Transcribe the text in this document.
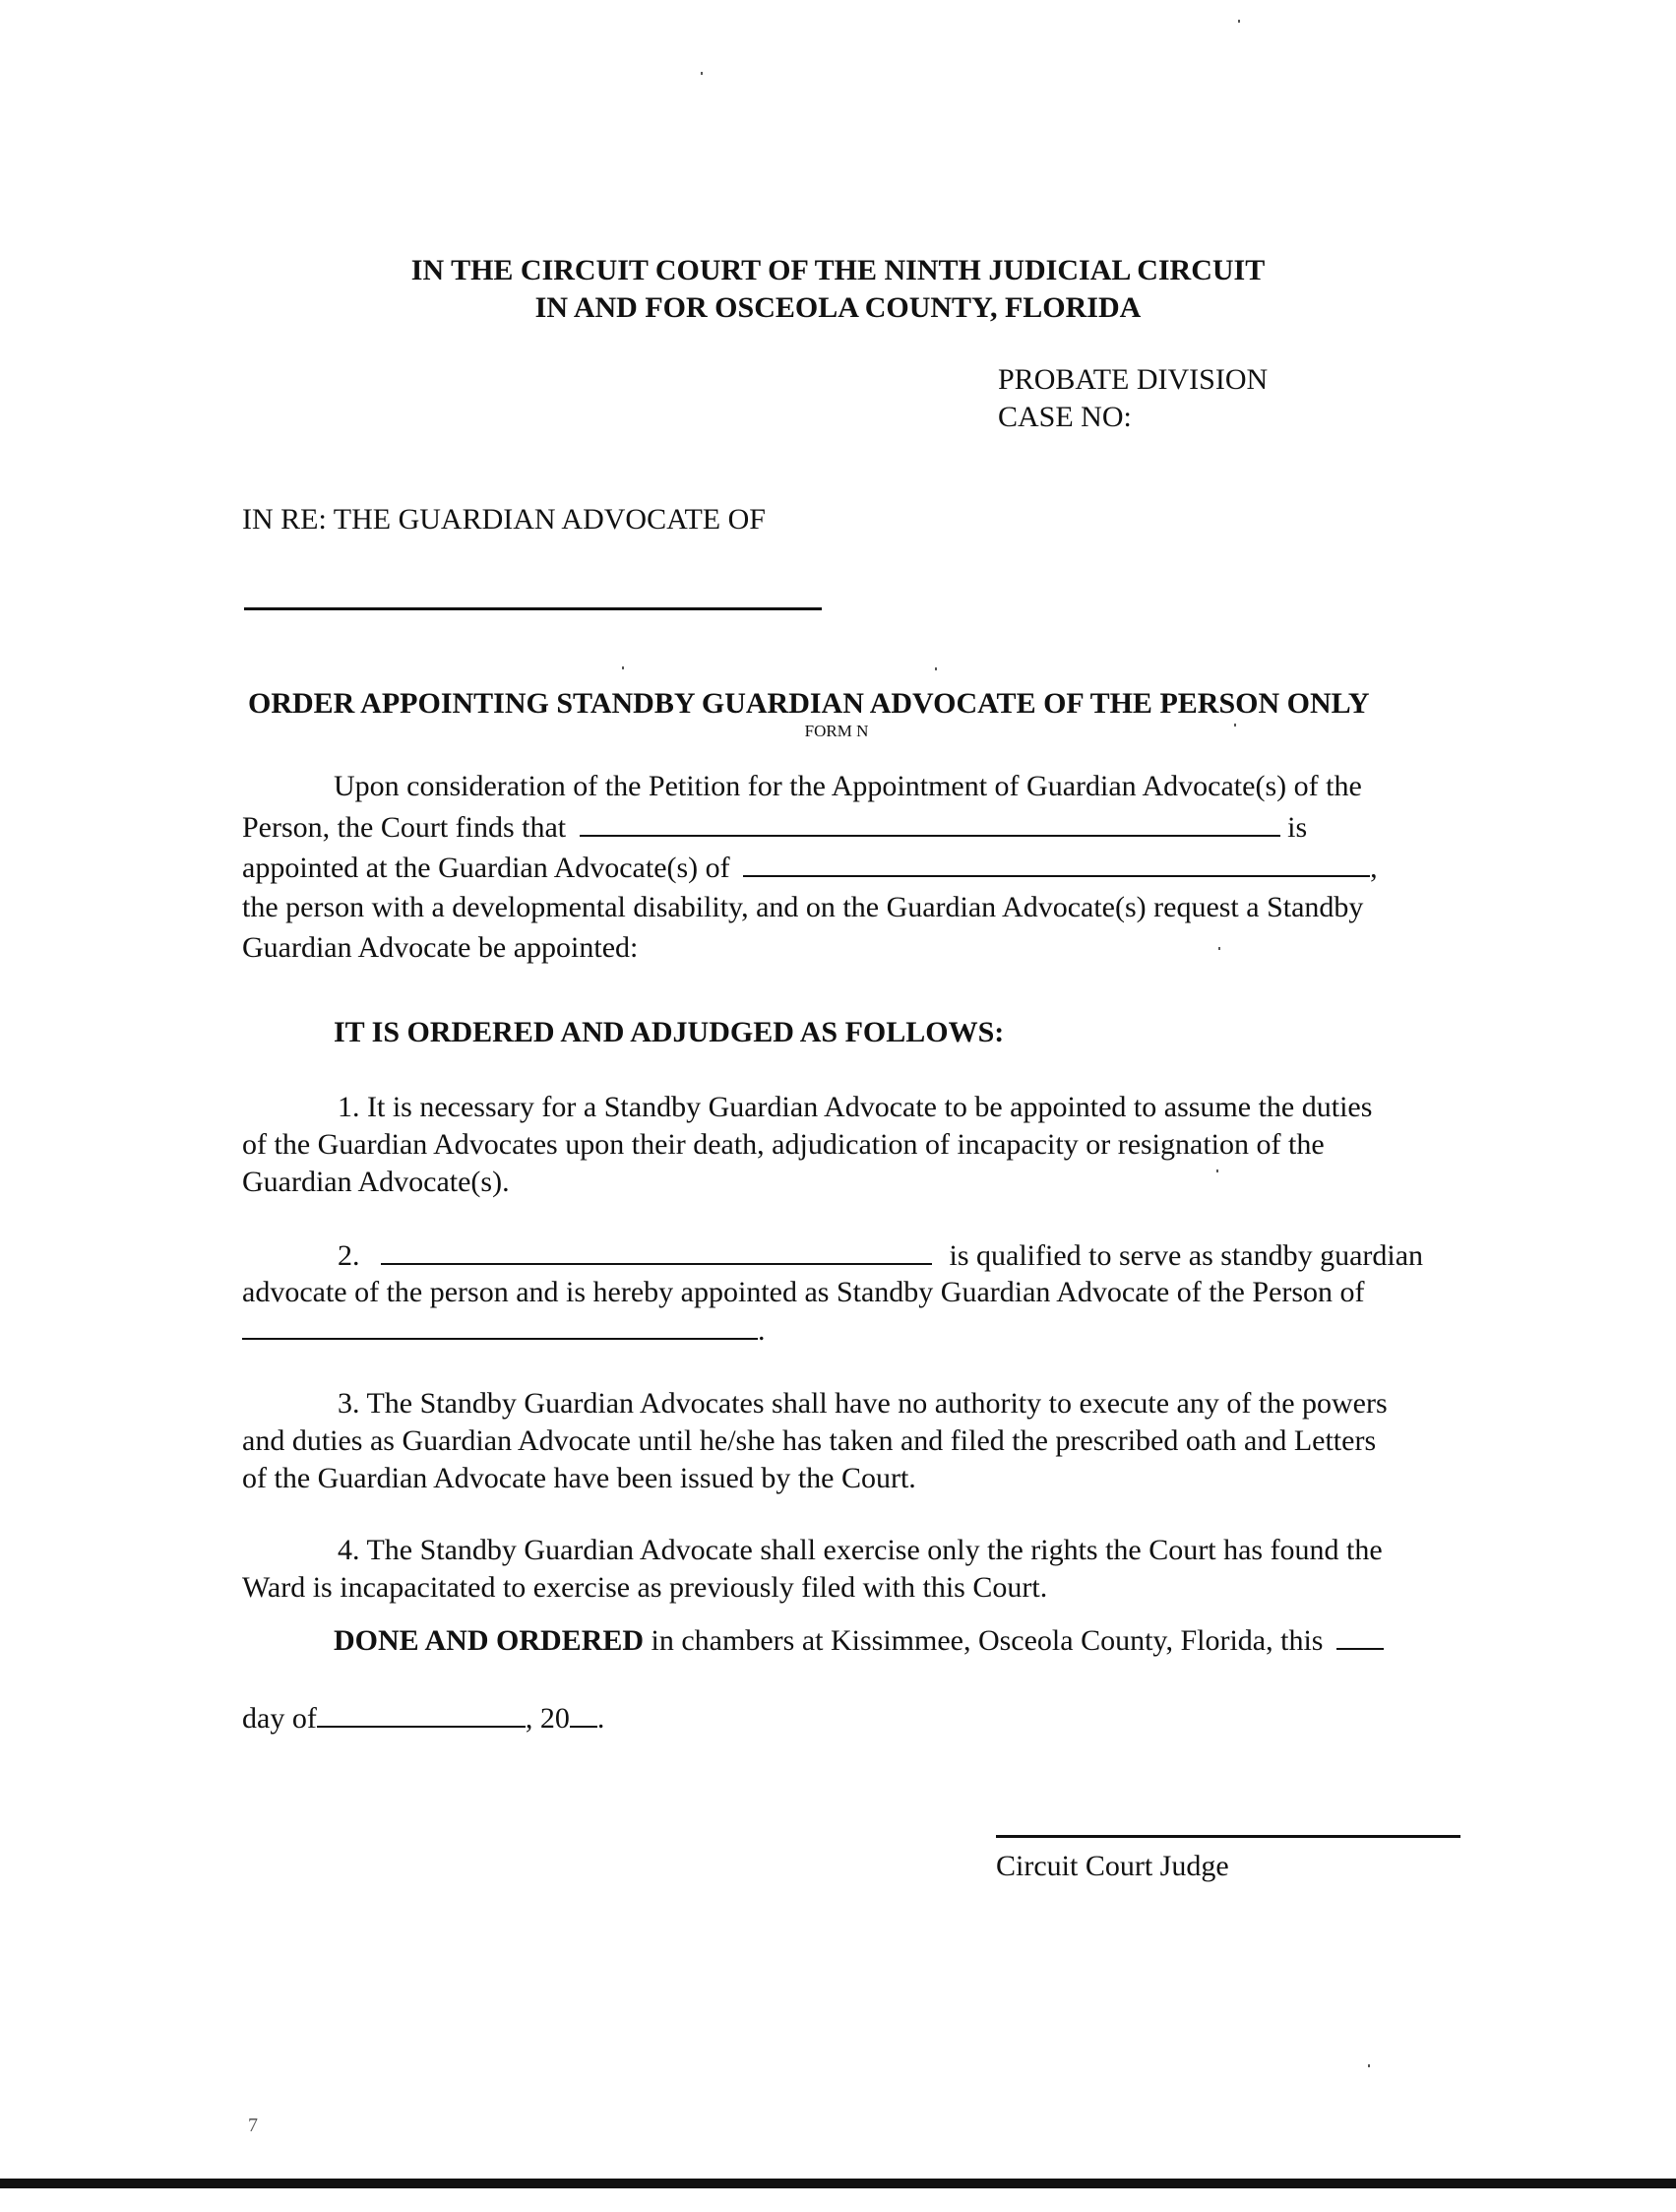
IN THE CIRCUIT COURT OF THE NINTH JUDICIAL CIRCUIT
IN AND FOR OSCEOLA COUNTY, FLORIDA
PROBATE DIVISION
CASE NO:
IN RE: THE GUARDIAN ADVOCATE OF
ORDER APPOINTING STANDBY GUARDIAN ADVOCATE OF THE PERSON ONLY
FORM N
Upon consideration of the Petition for the Appointment of Guardian Advocate(s) of the
Person, the Court finds that	is
appointed at the Guardian Advocate(s) of	,
the person with a developmental disability, and on the Guardian Advocate(s) request a Standby
Guardian Advocate be appointed:
IT IS ORDERED AND ADJUDGED AS FOLLOWS:
1. It is necessary for a Standby Guardian Advocate to be appointed to assume the duties
of the Guardian Advocates upon their death, adjudication of incapacity or resignation of the
Guardian Advocate(s).
2.	is qualified to serve as standby guardian
advocate of the person and is hereby appointed as Standby Guardian Advocate of the Person of
.
3. The Standby Guardian Advocates shall have no authority to execute any of the powers
and duties as Guardian Advocate until he/she has taken and filed the prescribed oath and Letters
of the Guardian Advocate have been issued by the Court.
4. The Standby Guardian Advocate shall exercise only the rights the Court has found the
Ward is incapacitated to exercise as previously filed with this Court.
DONE AND ORDERED in chambers at Kissimmee, Osceola County, Florida, this
day of	, 20 .
Circuit Court Judge
7
